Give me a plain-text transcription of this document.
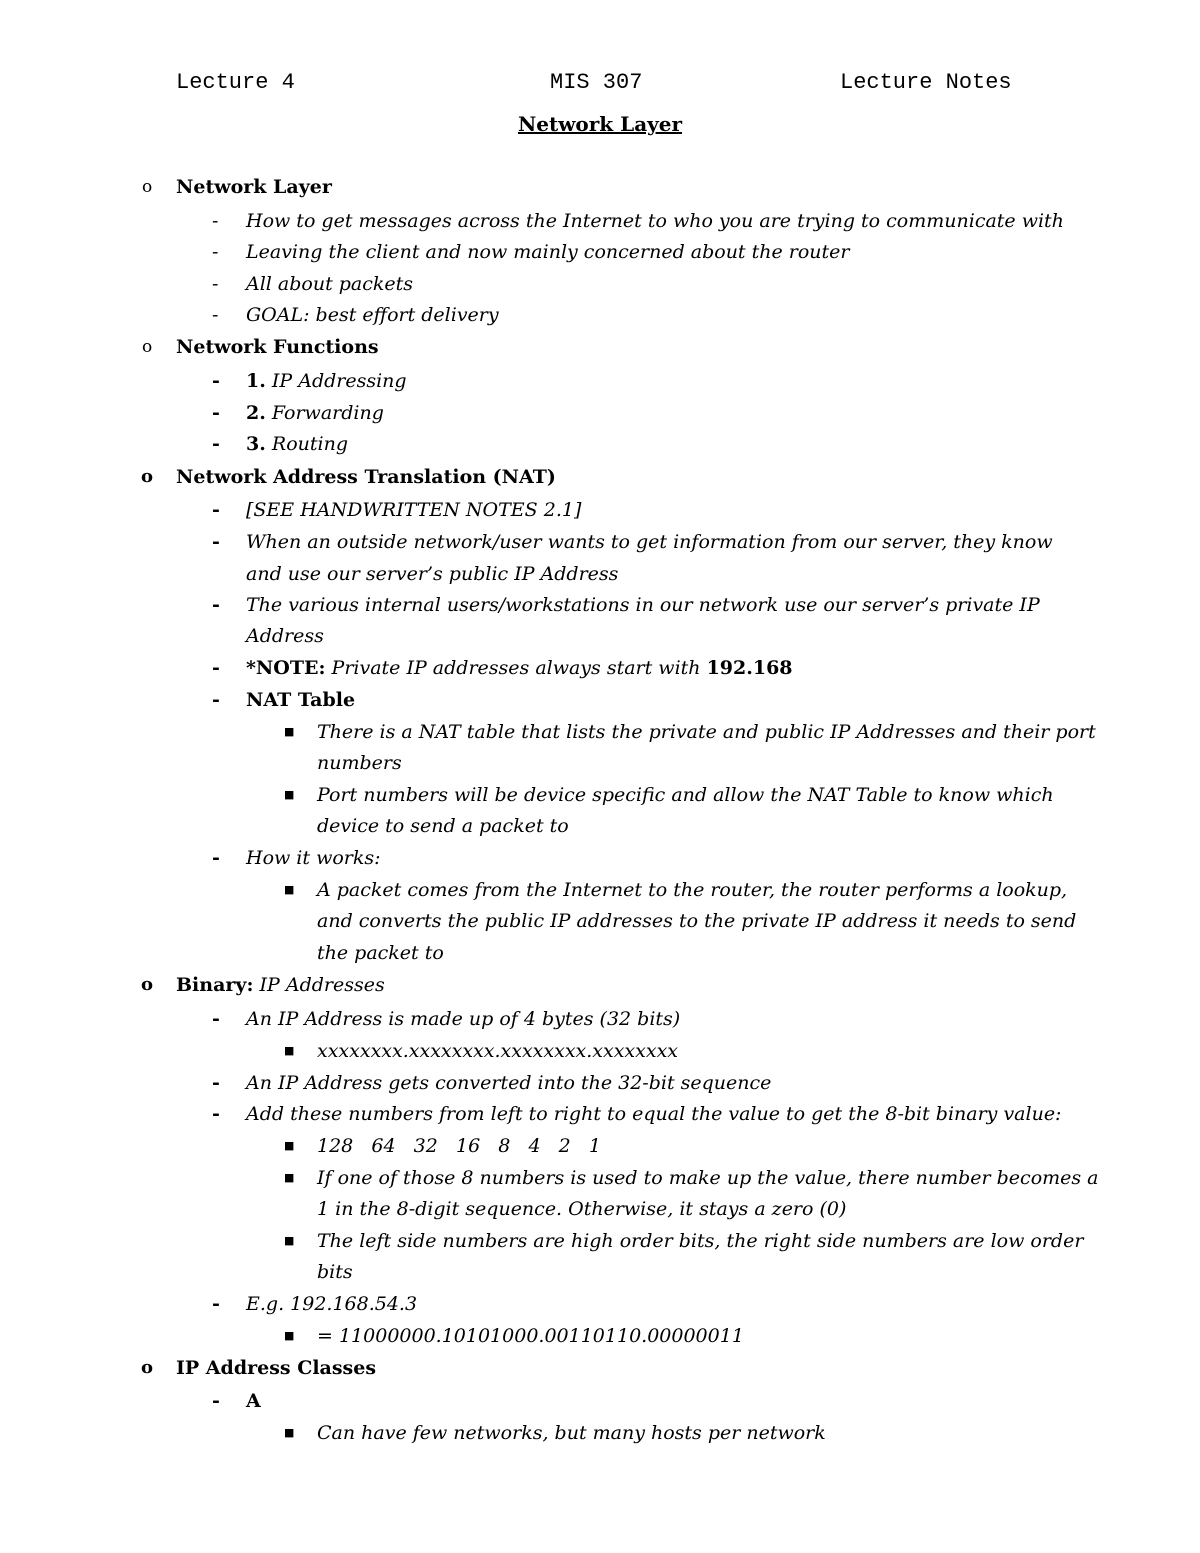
Lecture 4	MIS 307	Lecture Notes
Network Layer
o Network Layer
- How to get messages across the Internet to who you are trying to communicate with
- Leaving the client and now mainly concerned about the router
- All about packets
- GOAL: best effort delivery
o Network Functions
- 1. IP Addressing
- 2. Forwarding
- 3. Routing
o Network Address Translation (NAT)
- [SEE HANDWRITTEN NOTES 2.1]
- When an outside network/user wants to get information from our server, they know
and use our server’s public IP Address
- The various internal users/workstations in our network use our server’s private IP
Address
- *NOTE: Private IP addresses always start with 192.168
- NAT Table
■ There is a NAT table that lists the private and public IP Addresses and their port
numbers
■ Port numbers will be device specific and allow the NAT Table to know which
device to send a packet to
- How it works:
■ A packet comes from the Internet to the router, the router performs a lookup,
and converts the public IP addresses to the private IP address it needs to send
the packet to
o Binary: IP Addresses
- An IP Address is made up of 4 bytes (32 bits)
■ xxxxxxxx.xxxxxxxx.xxxxxxxx.xxxxxxxx
- An IP Address gets converted into the 32-bit sequence
- Add these numbers from left to right to equal the value to get the 8-bit binary value:
■ 128   64   32   16   8   4   2   1
■ If one of those 8 numbers is used to make up the value, there number becomes a
1 in the 8-digit sequence. Otherwise, it stays a zero (0)
■ The left side numbers are high order bits, the right side numbers are low order
bits
- E.g. 192.168.54.3
■ = 11000000.10101000.00110110.00000011
o IP Address Classes
- A
■ Can have few networks, but many hosts per network
